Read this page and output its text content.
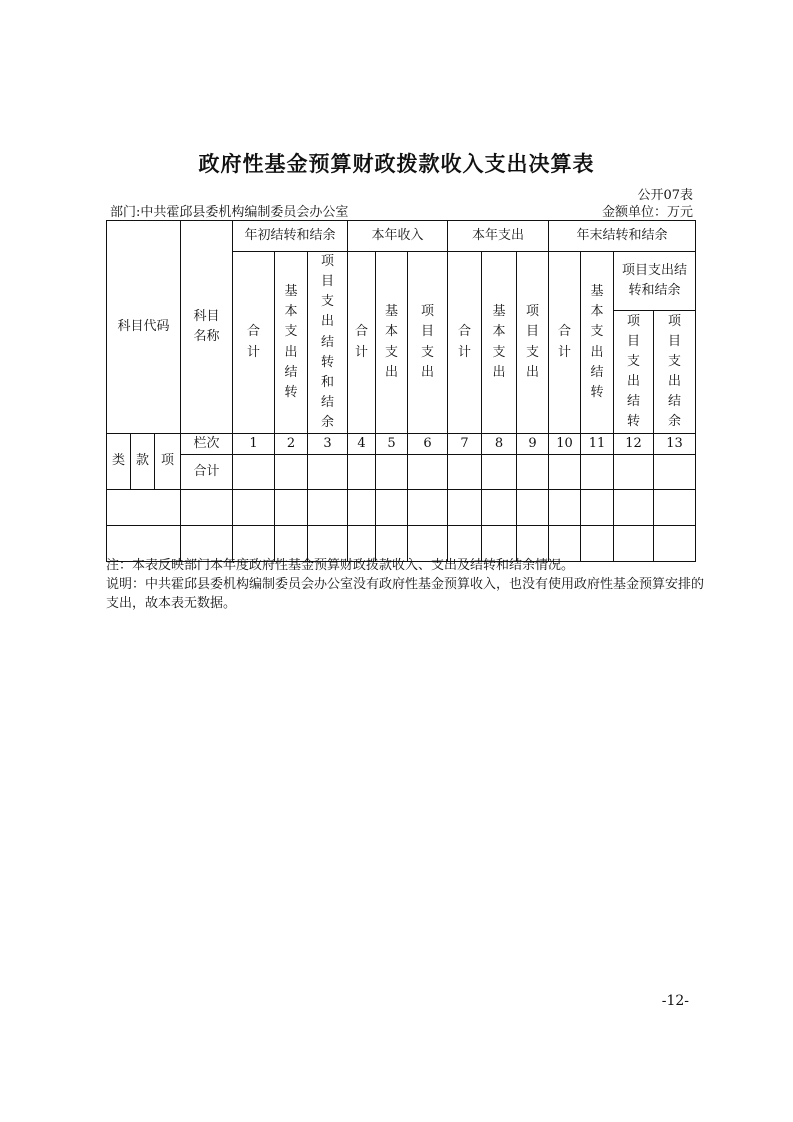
政府性基金预算财政拨款收入支出决算表
公开07表
部门:中共霍邱县委机构编制委员会办公室	金额单位：万元
科目代码			科目名称	年初结转和结余			本年收入			本年支出			年末结转和结余			
				合计	基本支出结转	项目支出结转和结余	合计	基本支出	项目支出	合计	基本支出	项目支出	合计	基本支出结转	项目支出结转和结余	
															项目支出结转	项目支出结余
类	款	项	栏次	1	2	3	4	5	6	7	8	9	10	11	12	13
			合计													

注：本表反映部门本年度政府性基金预算财政拨款收入、支出及结转和结余情况。

说明：中共霍邱县委机构编制委员会办公室没有政府性基金预算收入，也没有使用政府性基金预算安排的支出，故本表无数据。

-12-
